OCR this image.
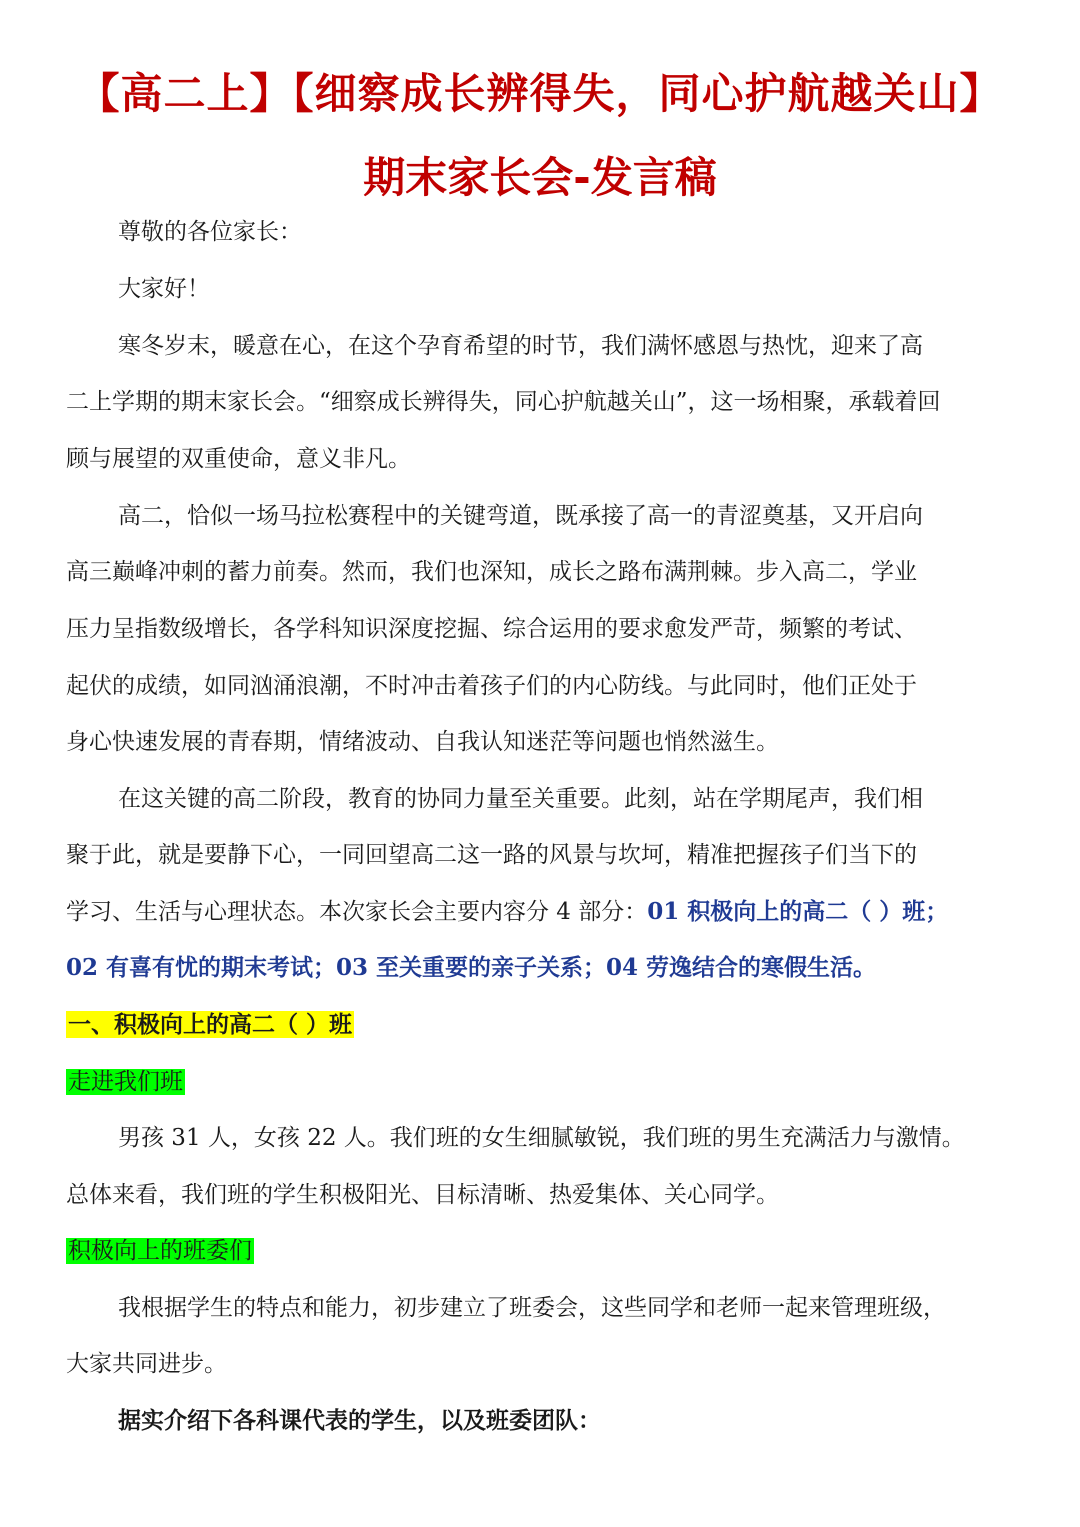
【高二上】【细察成长辨得失，同心护航越关山】
期末家长会-发言稿
尊敬的各位家长：
大家好！
寒冬岁末，暖意在心，在这个孕育希望的时节，我们满怀感恩与热忱，迎来了高
二上学期的期末家长会。“细察成长辨得失，同心护航越关山”，这一场相聚，承载着回
顾与展望的双重使命，意义非凡。
高二，恰似一场马拉松赛程中的关键弯道，既承接了高一的青涩奠基，又开启向
高三巅峰冲刺的蓄力前奏。然而，我们也深知，成长之路布满荆棘。步入高二，学业
压力呈指数级增长，各学科知识深度挖掘、综合运用的要求愈发严苛，频繁的考试、
起伏的成绩，如同汹涌浪潮，不时冲击着孩子们的内心防线。与此同时，他们正处于
身心快速发展的青春期，情绪波动、自我认知迷茫等问题也悄然滋生。
在这关键的高二阶段，教育的协同力量至关重要。此刻，站在学期尾声，我们相
聚于此，就是要静下心，一同回望高二这一路的风景与坎坷，精准把握孩子们当下的
学习、生活与心理状态。本次家长会主要内容分 4 部分：01 积极向上的高二（ ）班；
02 有喜有忧的期末考试；03 至关重要的亲子关系；04 劳逸结合的寒假生活。
一、积极向上的高二（ ）班
走进我们班
男孩 31 人，女孩 22 人。我们班的女生细腻敏锐，我们班的男生充满活力与激情。
总体来看，我们班的学生积极阳光、目标清晰、热爱集体、关心同学。
积极向上的班委们
我根据学生的特点和能力，初步建立了班委会，这些同学和老师一起来管理班级，
大家共同进步。
据实介绍下各科课代表的学生，以及班委团队：
